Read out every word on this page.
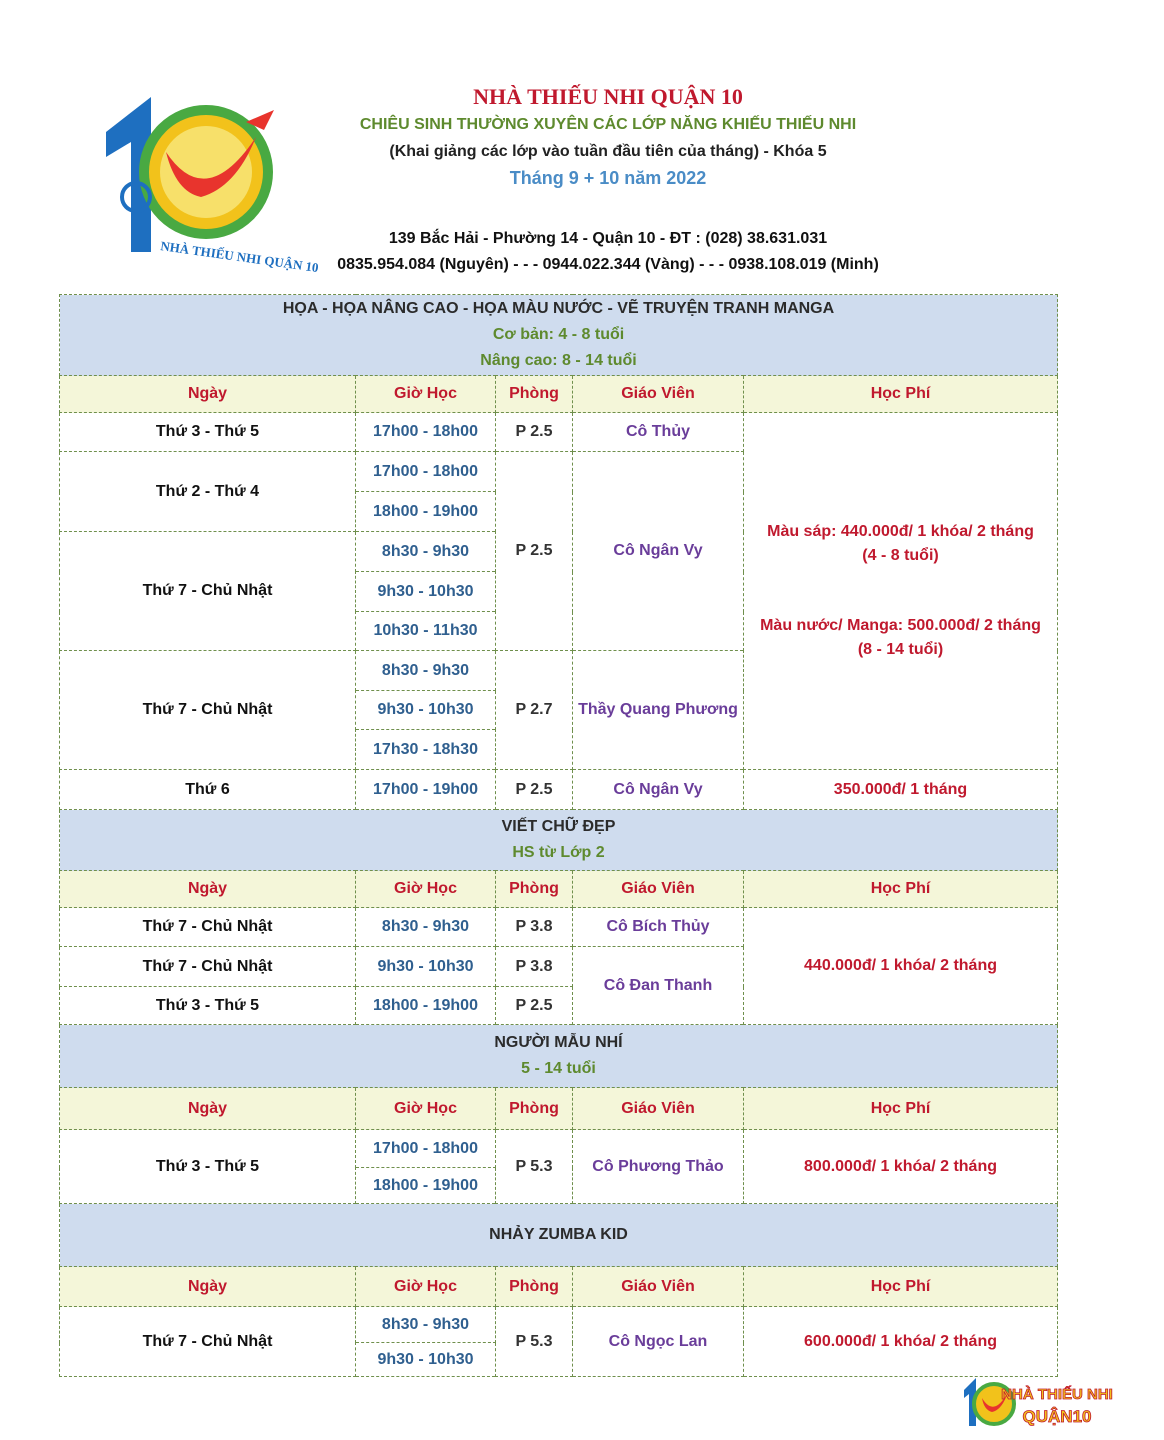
NHÀ THIẾU NHI QUẬN 10
NHÀ THIẾU NHI QUẬN 10
CHIÊU SINH THƯỜNG XUYÊN CÁC LỚP NĂNG KHIẾU THIẾU NHI
(Khai giảng các lớp vào tuần đầu tiên của tháng) - Khóa 5
Tháng 9 + 10 năm 2022
139 Bắc Hải - Phường 14 - Quận 10 - ĐT : (028) 38.631.031
0835.954.084 (Nguyên) - - - 0944.022.344 (Vàng) - - - 0938.108.019 (Minh)
HỌA - HỌA NÂNG CAO - HỌA MÀU NƯỚC - VẼ TRUYỆN TRANH MANGA
Cơ bản: 4 - 8 tuổi
Nâng cao: 8 - 14 tuổi				

Ngày	Giờ Học	Phòng	Giáo Viên	Học Phí
Thứ 3 - Thứ 5	17h00 - 18h00	P 2.5	Cô Thủy	Màu sáp: 440.000đ/ 1 khóa/ 2 tháng
(4 - 8 tuổi)
Màu nước/ Manga: 500.000đ/ 2 tháng
(8 - 14 tuổi)

Thứ 2 - Thứ 4	17h00 - 18h00	P 2.5	Cô Ngân Vy	
	18h00 - 19h00			
Thứ 7 - Chủ Nhật	8h30 - 9h30			
	9h30 - 10h30			
	10h30 - 11h30			
Thứ 7 - Chủ Nhật	8h30 - 9h30	P 2.7	Thầy Quang Phương	
	9h30 - 10h30			
	17h30 - 18h30			
Thứ 6	17h00 - 19h00	P 2.5	Cô Ngân Vy	350.000đ/ 1 tháng

VIẾT CHỮ ĐẸP
HS từ Lớp 2				

Ngày	Giờ Học	Phòng	Giáo Viên	Học Phí
Thứ 7 - Chủ Nhật	8h30 - 9h30	P 3.8	Cô Bích Thủy	440.000đ/ 1 khóa/ 2 tháng
Thứ 7 - Chủ Nhật	9h30 - 10h30	P 3.8	Cô Đan Thanh	
Thứ 3 - Thứ 5	18h00 - 19h00	P 2.5		

NGƯỜI MẪU NHÍ
5 - 14 tuổi				

Ngày	Giờ Học	Phòng	Giáo Viên	Học Phí
Thứ 3 - Thứ 5	17h00 - 18h00	P 5.3	Cô Phương Thảo	800.000đ/ 1 khóa/ 2 tháng
	18h00 - 19h00			

NHẢY ZUMBA KID				

Ngày	Giờ Học	Phòng	Giáo Viên	Học Phí
Thứ 7 - Chủ Nhật	8h30 - 9h30	P 5.3	Cô Ngọc Lan	600.000đ/ 1 khóa/ 2 tháng
	9h30 - 10h30			
NHÀ THIẾU NHI
QUẬN10
